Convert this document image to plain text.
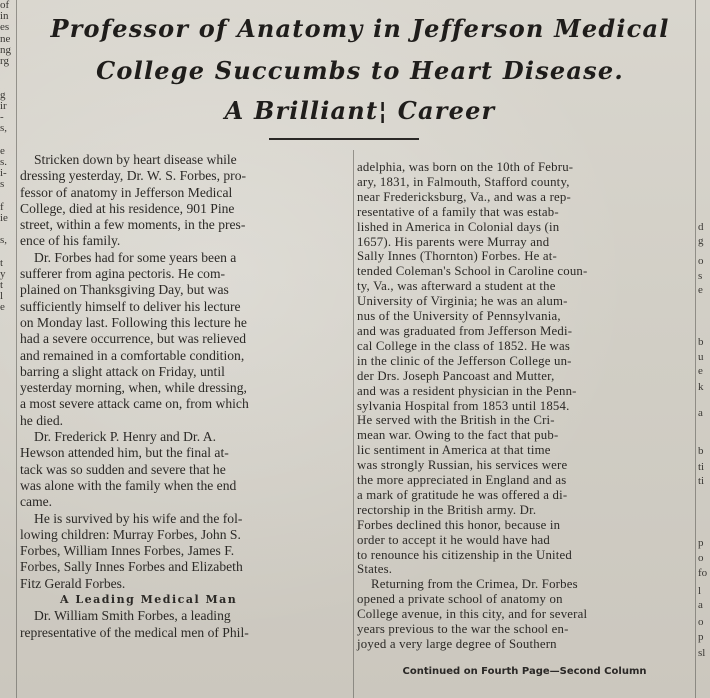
of
in
es
ne
ng
rg

g
ir
-
s,

e
s.
i-
s

f
ie

s,

t
y
t
l
e
d
g
o
s
e
b
u
e
k
a
b
ti
ti
p
o
fo
l
a
o
p
sl
Professor of Anatomy in Jefferson Medical
College Succumbs to Heart Disease.
A Brilliant¦ Career
Stricken down by heart disease while
dressing yesterday, Dr. W. S. Forbes, pro-
fessor of anatomy in Jefferson Medical
College, died at his residence, 901 Pine
street, within a few moments, in the pres-
ence of his family.
Dr. Forbes had for some years been a
sufferer from agina pectoris. He com-
plained on Thanksgiving Day, but was
sufficiently himself to deliver his lecture
on Monday last. Following this lecture he
had a severe occurrence, but was relieved
and remained in a comfortable condition,
barring a slight attack on Friday, until
yesterday morning, when, while dressing,
a most severe attack came on, from which
he died.
Dr. Frederick P. Henry and Dr. A.
Hewson attended him, but the final at-
tack was so sudden and severe that he
was alone with the family when the end
came.
He is survived by his wife and the fol-
lowing children: Murray Forbes, John S.
Forbes, William Innes Forbes, James F.
Forbes, Sally Innes Forbes and Elizabeth
Fitz Gerald Forbes.
A Leading Medical Man
Dr. William Smith Forbes, a leading
representative of the medical men of Phil-
adelphia, was born on the 10th of Febru-
ary, 1831, in Falmouth, Stafford county,
near Fredericksburg, Va., and was a rep-
resentative of a family that was estab-
lished in America in Colonial days (in
1657). His parents were Murray and
Sally Innes (Thornton) Forbes. He at-
tended Coleman's School in Caroline coun-
ty, Va., was afterward a student at the
University of Virginia; he was an alum-
nus of the University of Pennsylvania,
and was graduated from Jefferson Medi-
cal College in the class of 1852. He was
in the clinic of the Jefferson College un-
der Drs. Joseph Pancoast and Mutter,
and was a resident physician in the Penn-
sylvania Hospital from 1853 until 1854.
He served with the British in the Cri-
mean war. Owing to the fact that pub-
lic sentiment in America at that time
was strongly Russian, his services were
the more appreciated in England and as
a mark of gratitude he was offered a di-
rectorship in the British army. Dr.
Forbes declined this honor, because in
order to accept it he would have had
to renounce his citizenship in the United
States.
Returning from the Crimea, Dr. Forbes
opened a private school of anatomy on
College avenue, in this city, and for several
years previous to the war the school en-
joyed a very large degree of Southern
Continued on Fourth Page—Second Column
